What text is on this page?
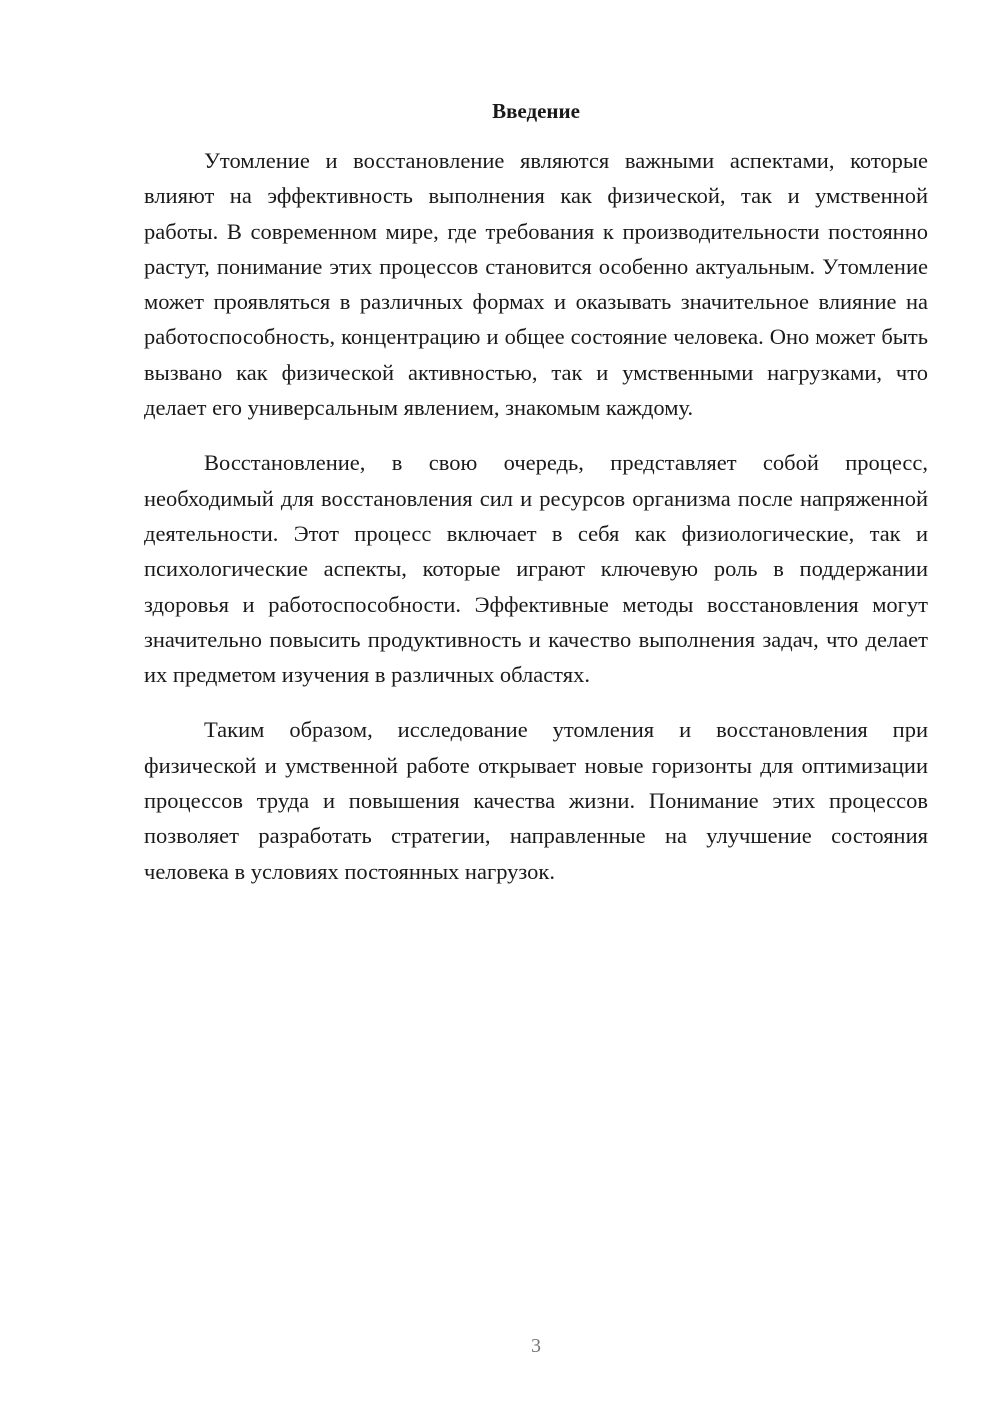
Введение

Утомление и восстановление являются важными аспектами, которые влияют на эффективность выполнения как физической, так и умственной работы. В современном мире, где требования к производительности постоянно растут, понимание этих процессов становится особенно актуальным. Утомление может проявляться в различных формах и оказывать значительное влияние на работоспособность, концентрацию и общее состояние человека. Оно может быть вызвано как физической активностью, так и умственными нагрузками, что делает его универсальным явлением, знакомым каждому.

Восстановление, в свою очередь, представляет собой процесс, необходимый для восстановления сил и ресурсов организма после напряженной деятельности. Этот процесс включает в себя как физиологические, так и психологические аспекты, которые играют ключевую роль в поддержании здоровья и работоспособности. Эффективные методы восстановления могут значительно повысить продуктивность и качество выполнения задач, что делает их предметом изучения в различных областях.

Таким образом, исследование утомления и восстановления при физической и умственной работе открывает новые горизонты для оптимизации процессов труда и повышения качества жизни. Понимание этих процессов позволяет разработать стратегии, направленные на улучшение состояния человека в условиях постоянных нагрузок.

3
